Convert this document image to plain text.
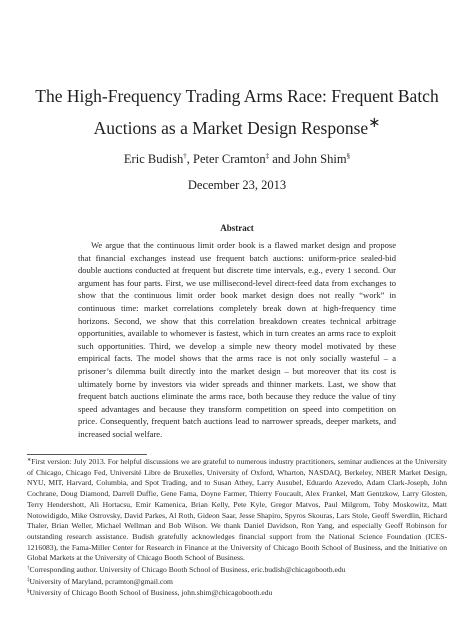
The High-Frequency Trading Arms Race: Frequent Batch Auctions as a Market Design Response∗
Eric Budish†, Peter Cramton‡ and John Shim§
December 23, 2013
Abstract
We argue that the continuous limit order book is a flawed market design and propose that financial exchanges instead use frequent batch auctions: uniform-price sealed-bid double auctions conducted at frequent but discrete time intervals, e.g., every 1 second. Our argument has four parts. First, we use millisecond-level direct-feed data from exchanges to show that the continuous limit order book market design does not really “work” in continuous time: market correlations completely break down at high-frequency time horizons. Second, we show that this correlation breakdown creates technical arbitrage opportunities, available to whomever is fastest, which in turn creates an arms race to exploit such opportunities. Third, we develop a simple new theory model motivated by these empirical facts. The model shows that the arms race is not only socially wasteful – a prisoner’s dilemma built directly into the market design – but moreover that its cost is ultimately borne by investors via wider spreads and thinner markets. Last, we show that frequent batch auctions eliminate the arms race, both because they reduce the value of tiny speed advantages and because they transform competition on speed into competition on price. Consequently, frequent batch auctions lead to narrower spreads, deeper markets, and increased social welfare.

∗First version: July 2013. For helpful discussions we are grateful to numerous industry practitioners, seminar audiences at the University of Chicago, Chicago Fed, Université Libre de Bruxelles, University of Oxford, Wharton, NASDAQ, Berkeley, NBER Market Design, NYU, MIT, Harvard, Columbia, and Spot Trading, and to Susan Athey, Larry Ausubel, Eduardo Azevedo, Adam Clark-Joseph, John Cochrane, Doug Diamond, Darrell Duffie, Gene Fama, Doyne Farmer, Thierry Foucault, Alex Frankel, Matt Gentzkow, Larry Glosten, Terry Hendershott, Ali Hortacsu, Emir Kamenica, Brian Kelly, Pete Kyle, Gregor Matvos, Paul Milgrom, Toby Moskowitz, Matt Notowidigdo, Mike Ostrovsky, David Parkes, Al Roth, Gideon Saar, Jesse Shapiro, Spyros Skouras, Lars Stole, Geoff Swerdlin, Richard Thaler, Brian Weller, Michael Wellman and Bob Wilson. We thank Daniel Davidson, Ron Yang, and especially Geoff Robinson for outstanding research assistance. Budish gratefully acknowledges financial support from the National Science Foundation (ICES-1216083), the Fama-Miller Center for Research in Finance at the University of Chicago Booth School of Business, and the Initiative on Global Markets at the University of Chicago Booth School of Business.

†Corresponding author. University of Chicago Booth School of Business, eric.budish@chicagobooth.edu

‡University of Maryland, pcramton@gmail.com

§University of Chicago Booth School of Business, john.shim@chicagobooth.edu
